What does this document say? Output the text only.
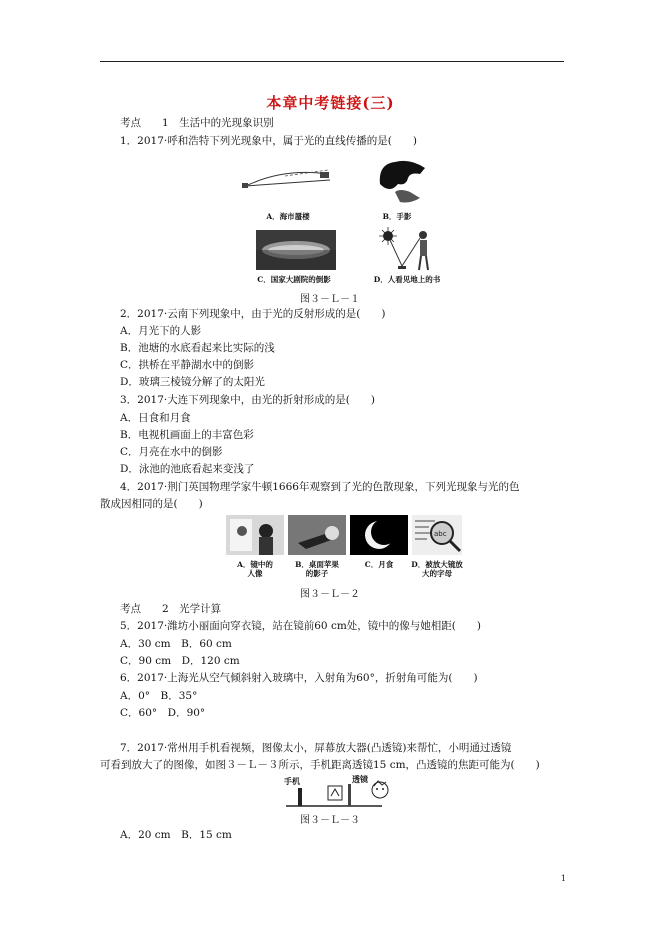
本章中考链接(三)
考点　　1　生活中的光现象识别
1．2017·呼和浩特下列光现象中，属于光的直线传播的是(　　)
A．海市蜃楼	B．手影
C．国家大剧院的倒影	D．人看见地上的书
图３－Ｌ－１
2．2017·云南下列现象中，由于光的反射形成的是(　　)
A．月光下的人影
B．池塘的水底看起来比实际的浅
C．拱桥在平静湖水中的倒影
D．玻璃三棱镜分解了的太阳光
3．2017·大连下列现象中，由光的折射形成的是(　　)
A．日食和月食
B．电视机画面上的丰富色彩
C．月亮在水中的倒影
D．泳池的池底看起来变浅了
4．2017·荆门英国物理学家牛顿1666年观察到了光的色散现象，下列光现象与光的色
散成因相同的是(　　)
abc
A．镜中的
人像
B．桌面苹果
的影子
C．月食	D．被放大镜放
大的字母
图３－Ｌ－２
考点　　2　光学计算
5．2017·潍坊小丽面向穿衣镜，站在镜前60 cm处，镜中的像与她相距(　　)
A．30 cm　B．60 cm
C．90 cm　D．120 cm
6．2017·上海光从空气倾斜射入玻璃中，入射角为60°，折射角可能为(　　)
A．0°　B．35°
C．60°　D．90°
7．2017·常州用手机看视频，图像太小，屏幕放大器(凸透镜)来帮忙，小明通过透镜
可看到放大了的图像，如图３－Ｌ－３所示，手机距离透镜15 cm，凸透镜的焦距可能为(　　)
手机	透镜
图３－Ｌ－３
A．20 cm　B．15 cm
1
